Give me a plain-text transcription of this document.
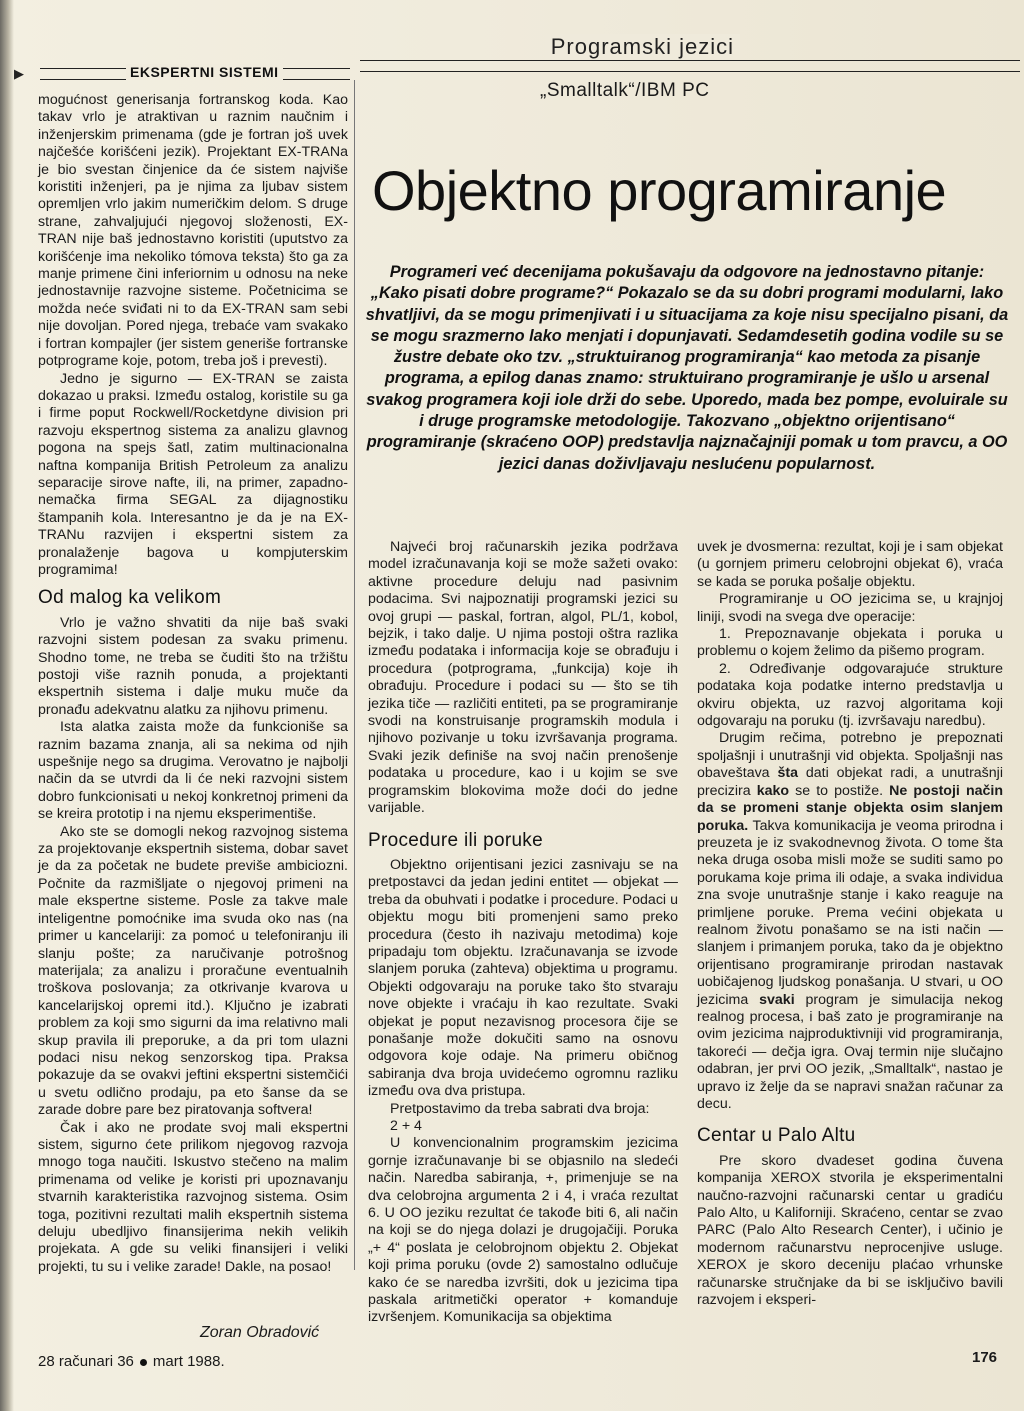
▶	EKSPERTNI SISTEMI
Programski jezici
„Smalltalk“/IBM PC
Objektno programiranje
Programeri već decenijama pokušavaju da odgovore na jednostavno pitanje: „Kako pisati dobre programe?“ Pokazalo se da su dobri programi modularni, lako shvatljivi, da se mogu primenjivati i u situacijama za koje nisu specijalno pisani, da se mogu srazmerno lako menjati i dopunjavati. Sedamdesetih godina vodile su se žustre debate oko tzv. „struktuiranog programiranja“ kao metoda za pisanje programa, a epilog danas znamo: struktuirano programiranje je ušlo u arsenal svakog programera koji iole drži do sebe. Uporedo, mada bez pompe, evoluirale su i druge programske metodologije. Takozvano „objektno orijentisano“ programiranje (skraćeno OOP) predstavlja najznačajniji pomak u tom pravcu, a OO jezici danas doživljavaju neslućenu popularnost.

mogućnost generisanja fortranskog koda. Kao takav vrlo je atraktivan u raznim naučnim i inženjerskim primenama (gde je fortran još uvek najčešće korišćeni jezik). Projektant EX-TRANa je bio svestan činjenice da će sistem najviše koristiti inženjeri, pa je njima za ljubav sistem opremljen vrlo jakim numeričkim delom. S druge strane, zahvaljujući njegovoj složenosti, EX-TRAN nije baš jednostavno koristiti (uputstvo za korišćenje ima nekoliko tómova teksta) što ga za manje primene čini inferiornim u odnosu na neke jednostavnije razvojne sisteme. Početnicima se možda neće sviđati ni to da EX-TRAN sam sebi nije dovoljan. Pored njega, trebaće vam svakako i fortran kompajler (jer sistem generiše fortranske potprograme koje, potom, treba još i prevesti).

Jedno je sigurno — EX-TRAN se zaista dokazao u praksi. Između ostalog, koristile su ga i firme poput Rockwell/Rocketdyne division pri razvoju ekspertnog sistema za analizu glavnog pogona na spejs šatl, zatim multinacionalna naftna kompanija British Petroleum za analizu separacije sirove nafte, ili, na primer, zapadno-nemačka firma SEGAL za dijagnostiku štampanih kola. Interesantno je da je na EX-TRANu razvijen i ekspertni sistem za pronalaženje bagova u kompjuterskim programima!

Od malog ka velikom

Vrlo je važno shvatiti da nije baš svaki razvojni sistem podesan za svaku primenu. Shodno tome, ne treba se čuditi što na tržištu postoji više raznih ponuda, a projektanti ekspertnih sistema i dalje muku muče da pronađu adekvatnu alatku za njihovu primenu.

Ista alatka zaista može da funkcioniše sa raznim bazama znanja, ali sa nekima od njih uspešnije nego sa drugima. Verovatno je najbolji način da se utvrdi da li će neki razvojni sistem dobro funkcionisati u nekoj konkretnoj primeni da se kreira prototip i na njemu eksperimentiše.

Ako ste se domogli nekog razvojnog sistema za projektovanje ekspertnih sistema, dobar savet je da za početak ne budete previše ambiciozni. Počnite da razmišljate o njegovoj primeni na male ekspertne sisteme. Posle za takve male inteligentne pomoćnike ima svuda oko nas (na primer u kancelariji: za pomoć u telefoniranju ili slanju pošte; za naručivanje potrošnog materijala; za analizu i proračune eventualnih troškova poslovanja; za otkrivanje kvarova u kancelarijskoj opremi itd.). Ključno je izabrati problem za koji smo sigurni da ima relativno mali skup pravila ili preporuke, a da pri tom ulazni podaci nisu nekog senzorskog tipa. Praksa pokazuje da se ovakvi jeftini ekspertni sistemčići u svetu odlično prodaju, pa eto šanse da se zarade dobre pare bez piratovanja softvera!

Čak i ako ne prodate svoj mali ekspertni sistem, sigurno ćete prilikom njegovog razvoja mnogo toga naučiti. Iskustvo stečeno na malim primenama od velike je koristi pri upoznavanju stvarnih karakteristika razvojnog sistema. Osim toga, pozitivni rezultati malih ekspertnih sistema deluju ubedljivo finansijerima nekih velikih projekata. A gde su veliki finansijeri i veliki projekti, tu su i velike zarade! Dakle, na posao!

Zoran Obradović

Najveći broj računarskih jezika podržava model izračunavanja koji se može sažeti ovako: aktivne procedure deluju nad pasivnim podacima. Svi najpoznatiji programski jezici su ovoj grupi — paskal, fortran, algol, PL/1, kobol, bejzik, i tako dalje. U njima postoji oštra razlika između podataka i informacija koje se obrađuju i procedura (potprograma, „funkcija) koje ih obrađuju. Procedure i podaci su — što se tih jezika tiče — različiti entiteti, pa se programiranje svodi na konstruisanje programskih modula i njihovo pozivanje u toku izvršavanja programa. Svaki jezik definiše na svoj način prenošenje podataka u procedure, kao i u kojim se sve programskim blokovima može doći do jedne varijable.

Procedure ili poruke

Objektno orijentisani jezici zasnivaju se na pretpostavci da jedan jedini entitet — objekat — treba da obuhvati i podatke i procedure. Podaci u objektu mogu biti promenjeni samo preko procedura (često ih nazivaju metodima) koje pripadaju tom objektu. Izračunavanja se izvode slanjem poruka (zahteva) objektima u programu. Objekti odgovaraju na poruke tako što stvaraju nove objekte i vraćaju ih kao rezultate. Svaki objekat je poput nezavisnog procesora čije se ponašanje može dokučiti samo na osnovu odgovora koje odaje. Na primeru običnog sabiranja dva broja uvidećemo ogromnu razliku između ova dva pristupa.

Pretpostavimo da treba sabrati dva broja:

2 + 4

U konvencionalnim programskim jezicima gornje izračunavanje bi se objasnilo na sledeći način. Naredba sabiranja, +, primenjuje se na dva celobrojna argumenta 2 i 4, i vraća rezultat 6. U OO jeziku rezultat će takođe biti 6, ali način na koji se do njega dolazi je drugojačiji. Poruka „+ 4“ poslata je celobrojnom objektu 2. Objekat koji prima poruku (ovde 2) samostalno odlučuje kako će se naredba izvršiti, dok u jezicima tipa paskala aritmetički operator + komanduje izvršenjem. Komunikacija sa objektima

uvek je dvosmerna: rezultat, koji je i sam objekat (u gornjem primeru celobrojni objekat 6), vraća se kada se poruka pošalje objektu.

Programiranje u OO jezicima se, u krajnjoj liniji, svodi na svega dve operacije:

1. Prepoznavanje objekata i poruka u problemu o kojem želimo da pišemo program.

2. Određivanje odgovarajuće strukture podataka koja podatke interno predstavlja u okviru objekta, uz razvoj algoritama koji odgovaraju na poruku (tj. izvršavaju naredbu).

Drugim rečima, potrebno je prepoznati spoljašnji i unutrašnji vid objekta. Spoljašnji nas obaveštava šta dati objekat radi, a unutrašnji precizira kako se to postiže. Ne postoji način da se promeni stanje objekta osim slanjem poruka. Takva komunikacija je veoma prirodna i preuzeta je iz svakodnevnog života. O tome šta neka druga osoba misli može se suditi samo po porukama koje prima ili odaje, a svaka individua zna svoje unutrašnje stanje i kako reaguje na primljene poruke. Prema većini objekata u realnom životu ponašamo se na isti način — slanjem i primanjem poruka, tako da je objektno orijentisano programiranje prirodan nastavak uobičajenog ljudskog ponašanja. U stvari, u OO jezicima svaki program je simulacija nekog realnog procesa, i baš zato je programiranje na ovim jezicima najproduktivniji vid programiranja, takoreći — dečja igra. Ovaj termin nije slučajno odabran, jer prvi OO jezik, „Smalltalk“, nastao je upravo iz želje da se napravi snažan računar za decu.

Centar u Palo Altu

Pre skoro dvadeset godina čuvena kompanija XEROX stvorila je eksperimentalni naučno-razvojni računarski centar u gradiću Palo Alto, u Kaliforniji. Skraćeno, centar se zvao PARC (Palo Alto Research Center), i učinio je modernom računarstvu neprocenjive usluge. XEROX je skoro deceniju plaćao vrhunske računarske stručnjake da bi se isključivo bavili razvojem i eksperi-

28 računari 36 mart 1988.	176
